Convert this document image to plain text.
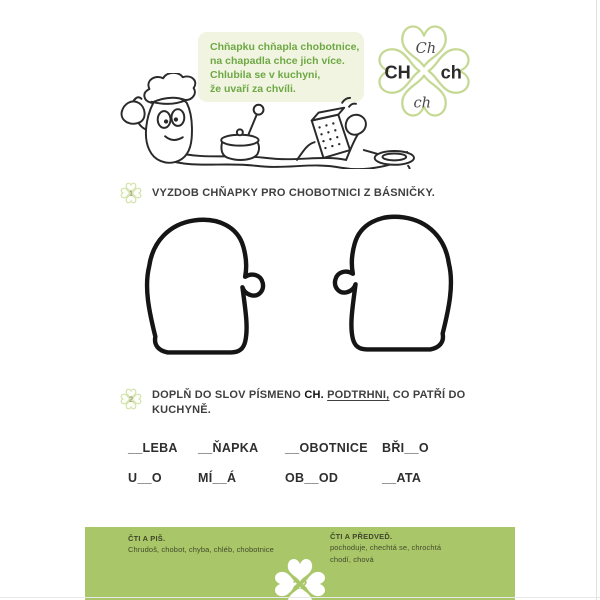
Chňapku chňapla chobotnice,
na chapadla chce jich více.
Chlubila se v kuchyni,
že uvaří za chvíli.
Ch
CH ch
ch
1 VYZDOB CHŇAPKY PRO CHOBOTNICI Z BÁSNIČKY.
2 DOPLŇ DO SLOV PÍSMENO CH. PODTRHNI, CO PATŘÍ DO
KUCHYNĚ.
__LEBA __ŇAPKA __OBOTNICE BŘI__O
U__O	MÍ__Á	OB__OD	__ATA
ČTI A PIŠ.
Chrudoš, chobot, chyba, chléb, chobotnice
ČTI A PŘEDVEĎ.
pochoduje, chechtá se, chrochtá
chodí, chová
22
